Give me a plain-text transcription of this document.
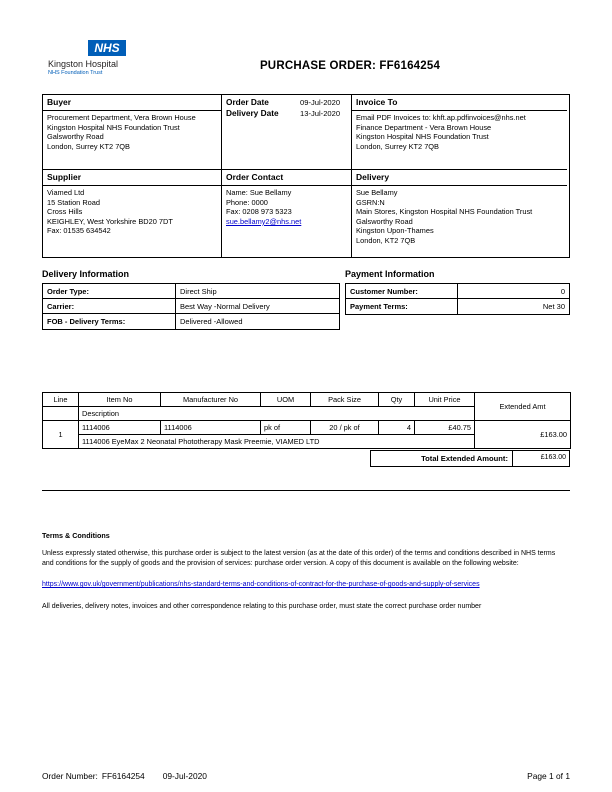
NHS
Kingston Hospital
NHS Foundation Trust
PURCHASE ORDER: FF6164254
Buyer
Procurement Department, Vera Brown House
Kingston Hospital NHS Foundation Trust
Galsworthy Road
London, Surrey KT2 7QB
Order Date	09-Jul-2020
Delivery Date	13-Jul-2020
Invoice To
Email PDF Invoices to: khft.ap.pdfinvoices@nhs.net
Finance Department - Vera Brown House
Kingston Hospital NHS Foundation Trust
London, Surrey KT2 7QB
Supplier
Viamed Ltd
15 Station Road
Cross Hills
KEIGHLEY, West Yorkshire BD20 7DT
Fax: 01535 634542
Order Contact
Name: Sue Bellamy
Phone: 0000
Fax: 0208 973 5323
sue.bellamy2@nhs.net
Delivery
Sue Bellamy
GSRN:N
Main Stores, Kingston Hospital NHS Foundation Trust
Galsworthy Road
Kingston Upon-Thames
London, KT2 7QB
Delivery Information
Order Type:	Direct Ship
Carrier:	Best Way -Normal Delivery
FOB - Delivery Terms:	Delivered -Allowed
Payment Information
Customer Number:	0
Payment Terms:	Net 30
Line	Item No	Manufacturer No	UOM	Pack Size	Qty	Unit Price	Extended Amt
	Description						
1	1114006	1114006	pk of	20 / pk of	4	£40.75	£163.00
	1114006 EyeMax 2 Neonatal Phototherapy Mask Preemie, VIAMED LTD						
Total Extended Amount:	£163.00
Terms & Conditions
Unless expressly stated otherwise, this purchase order is subject to the latest version (as at the date of this order) of the terms and conditions described in NHS terms and conditions for the supply of goods and the provision of services: purchase order version. A copy of this document is available on the following website:
https://www.gov.uk/government/publications/nhs-standard-terms-and-conditions-of-contract-for-the-purchase-of-goods-and-supply-of-services
All deliveries, delivery notes, invoices and other correspondence relating to this purchase order, must state the correct purchase order number
Order Number: FF6164254 09-Jul-2020	Page 1 of 1
